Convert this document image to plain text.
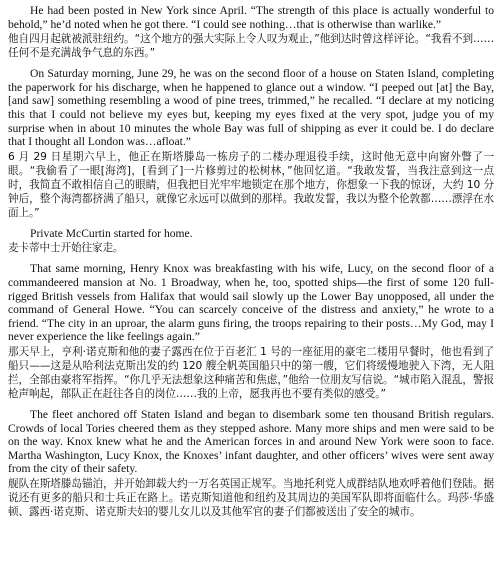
He had been posted in New York since April. “The strength of this place is actually wonderful to behold,” he’d noted when he got there. “I could see nothing…that is otherwise than warlike.”

他自四月起就被派驻纽约。“这个地方的强大实际上令人叹为观止，”他到达时曾这样评论。“我看不到……任何不是充满战争气息的东西。”

On Saturday morning, June 29, he was on the second floor of a house on Staten Island, completing the paperwork for his discharge, when he happened to glance out a window. “I peeped out [at] the Bay, [and saw] something resembling a wood of pine trees, trimmed,” he recalled. “I declare at my noticing this that I could not believe my eyes but, keeping my eyes fixed at the very spot, judge you of my surprise when in about 10 minutes the whole Bay was full of shipping as ever it could be. I do declare that I thought all London was…afloat.”

6 月 29 日星期六早上，他正在斯塔滕岛一栋房子的二楼办理退役手续，这时他无意中向窗外瞥了一眼。“我偷看了一眼[海湾]，[看到了]一片修剪过的松树林，”他回忆道。“我敢发誓，当我注意到这一点时，我简直不敢相信自己的眼睛，但我把目光牢牢地锁定在那个地方，你想象一下我的惊讶，大约 10 分钟后，整个海湾都挤满了船只，就像它永远可以做到的那样。我敢发誓，我以为整个伦敦都……漂浮在水面上。”

Private McCurtin started for home.

麦卡蒂中士开始往家走。

That same morning, Henry Knox was breakfasting with his wife, Lucy, on the second floor of a commandeered mansion at No. 1 Broadway, when he, too, spotted ships—the first of some 120 full-rigged British vessels from Halifax that would sail slowly up the Lower Bay unopposed, all under the command of General Howe. “You can scarcely conceive of the distress and anxiety,” he wrote to a friend. “The city in an uproar, the alarm guns firing, the troops repairing to their posts…My God, may I never experience the like feelings again.”

那天早上，亨利·诺克斯和他的妻子露西在位于百老汇 1 号的一座征用的豪宅二楼用早餐时，他也看到了船只——这是从哈利法克斯出发的约 120 艘全帆英国船只中的第一艘，它们将缓慢地驶入下湾，无人阻拦，全部由豪将军指挥。“你几乎无法想象这种痛苦和焦虑，”他给一位朋友写信说。“城市陷入混乱，警报枪声响起，部队正在赶往各自的岗位……我的上帝，愿我再也不要有类似的感受。”

The fleet anchored off Staten Island and began to disembark some ten thousand British regulars. Crowds of local Tories cheered them as they stepped ashore. Many more ships and men were said to be on the way. Knox knew what he and the American forces in and around New York were soon to face. Martha Washington, Lucy Knox, the Knoxes’ infant daughter, and other officers’ wives were sent away from the city of their safety.

舰队在斯塔滕岛锚泊，并开始卸载大约一万名英国正规军。当地托利党人成群结队地欢呼着他们登陆。据说还有更多的船只和士兵正在路上。诺克斯知道他和纽约及其周边的美国军队即将面临什么。玛莎·华盛顿、露西·诺克斯、诺克斯夫妇的婴儿女儿以及其他军官的妻子们都被送出了安全的城市。
